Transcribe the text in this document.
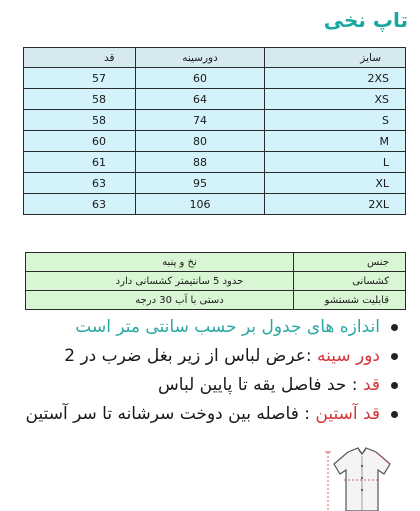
تاپ نخی
سایز	دورسینه	قد
2XS	60	57
XS	64	58
S	74	58
M	80	60
L	88	61
XL	95	63
2XL	106	63
جنس	نخ و پنبه
کشسانی	حدود 5 سانتیمتر کشسانی دارد
قابلیت شستشو	دستی با آب 30 درجه
اندازه های جدول بر حسب سانتی متر است
دور سینه :عرض لباس از زیر بغل ضرب در 2
قد : حد فاصل یقه تا پایین لباس
قد آستین : فاصله بین دوخت سرشانه تا سر آستین
